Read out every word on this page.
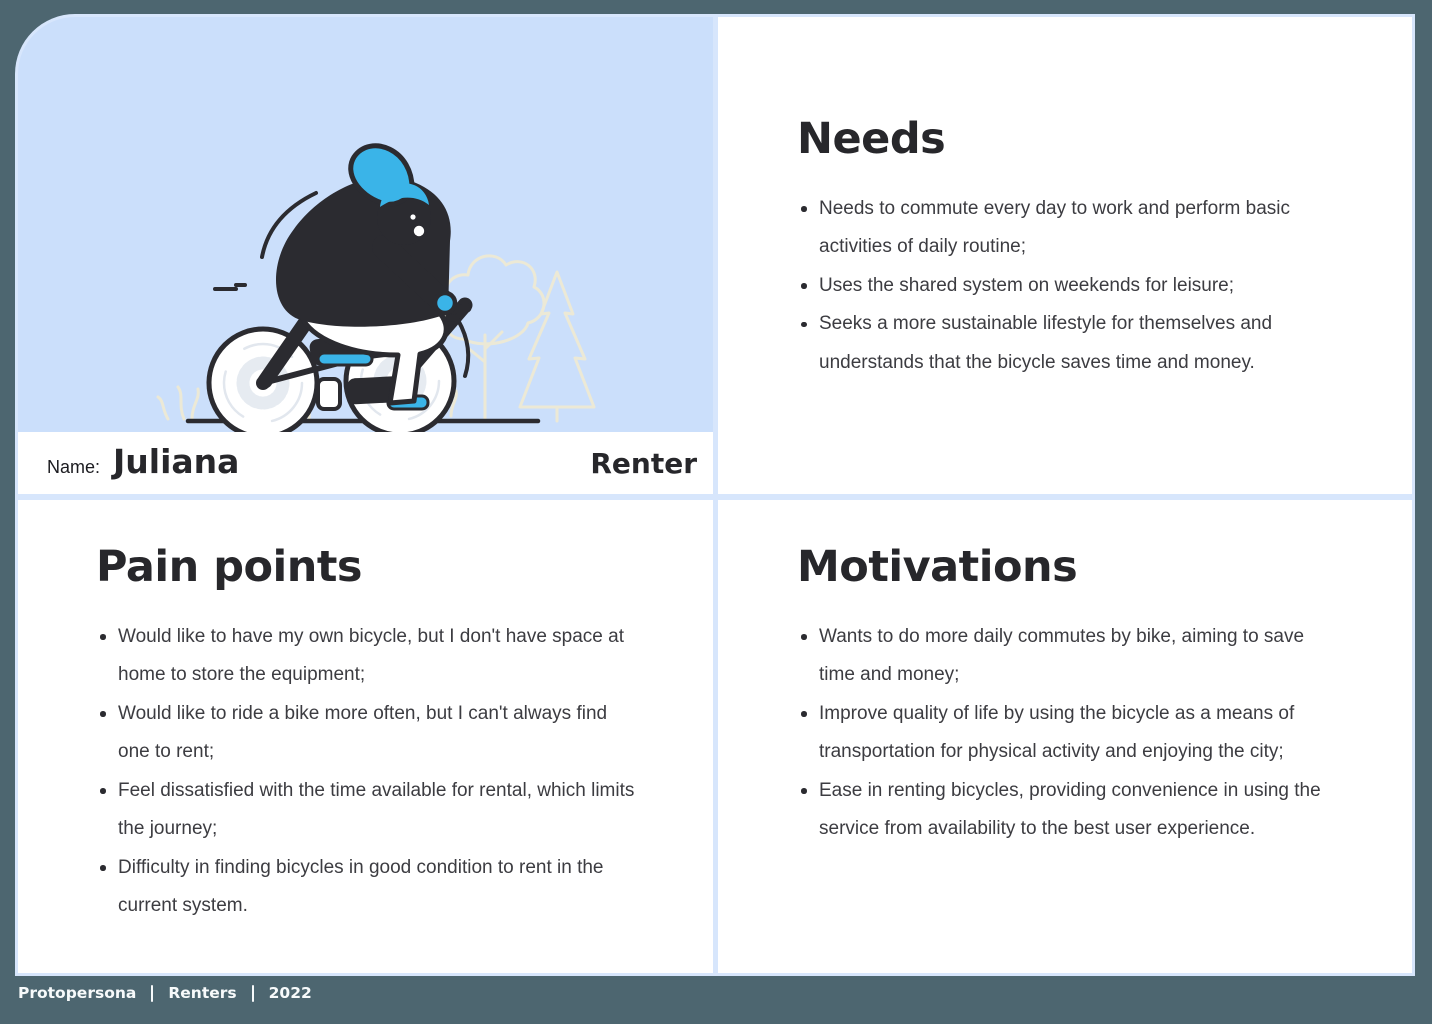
Name: Juliana	Renter
Needs
Needs to commute every day to work and perform basic activities of daily routine;
Uses the shared system on weekends for leisure;
Seeks a more sustainable lifestyle for themselves and understands that the bicycle saves time and money.
Pain points
Would like to have my own bicycle, but I don't have space at home to store the equipment;
Would like to ride a bike more often, but I can't always find one to rent;
Feel dissatisfied with the time available for rental, which limits the journey;
Difficulty in finding bicycles in good condition to rent in the current system.
Motivations
Wants to do more daily commutes by bike, aiming to save time and money;
Improve quality of life by using the bicycle as a means of transportation for physical activity and enjoying the city;
Ease in renting bicycles, providing convenience in using the service from availability to the best user experience.
Protopersona Renters 2022
